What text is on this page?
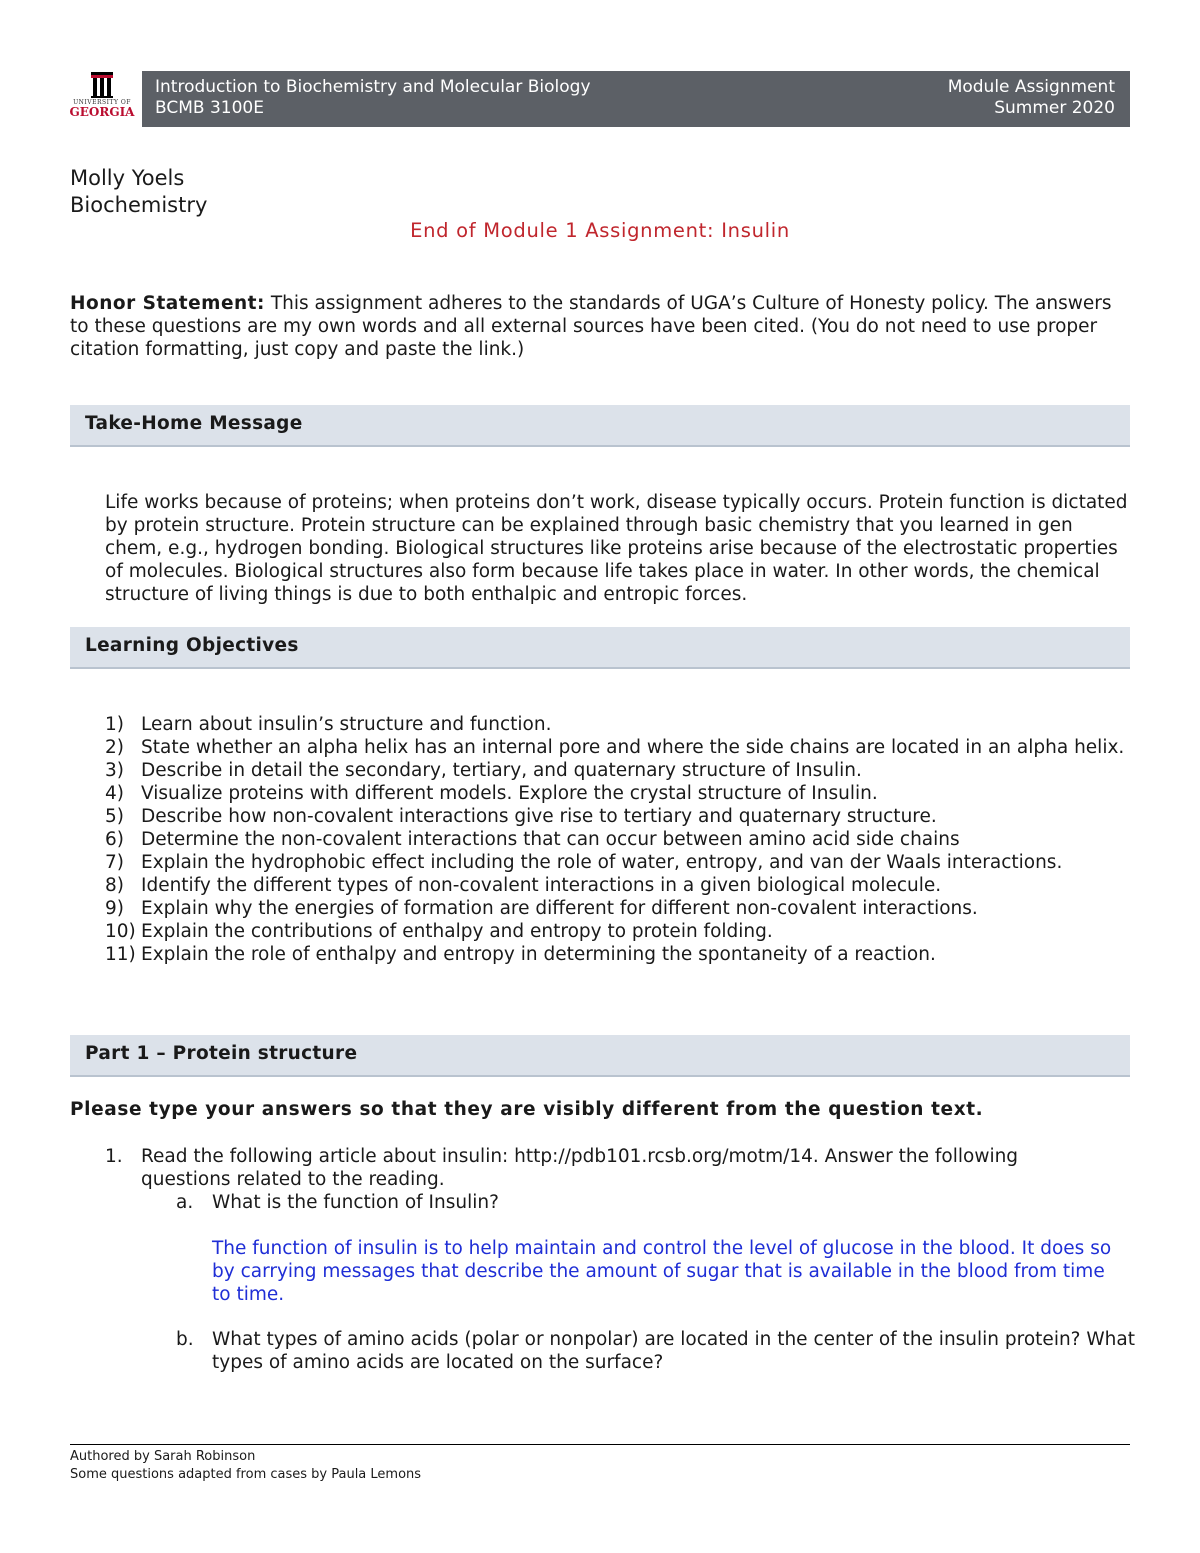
UNIVERSITY OF
GEORGIA
Introduction to Biochemistry and Molecular Biology
BCMB 3100E
Module Assignment
Summer 2020
Molly Yoels
Biochemistry
End of Module 1 Assignment: Insulin
Honor Statement: This assignment adheres to the standards of UGA’s Culture of Honesty policy. The answers to these questions are my own words and all external sources have been cited. (You do not need to use proper citation formatting, just copy and paste the link.)
Take-Home Message
Life works because of proteins; when proteins don’t work, disease typically occurs. Protein function is dictated by protein structure. Protein structure can be explained through basic chemistry that you learned in gen chem, e.g., hydrogen bonding. Biological structures like proteins arise because of the electrostatic properties of molecules. Biological structures also form because life takes place in water. In other words, the chemical structure of living things is due to both enthalpic and entropic forces.
Learning Objectives
1) Learn about insulin’s structure and function.
2) State whether an alpha helix has an internal pore and where the side chains are located in an alpha helix.
3) Describe in detail the secondary, tertiary, and quaternary structure of Insulin.
4) Visualize proteins with different models. Explore the crystal structure of Insulin.
5) Describe how non-covalent interactions give rise to tertiary and quaternary structure.
6) Determine the non-covalent interactions that can occur between amino acid side chains
7) Explain the hydrophobic effect including the role of water, entropy, and van der Waals interactions.
8) Identify the different types of non-covalent interactions in a given biological molecule.
9) Explain why the energies of formation are different for different non-covalent interactions.
10) Explain the contributions of enthalpy and entropy to protein folding.
11) Explain the role of enthalpy and entropy in determining the spontaneity of a reaction.
Part 1 – Protein structure
Please type your answers so that they are visibly different from the question text.
1. Read the following article about insulin: http://pdb101.rcsb.org/motm/14. Answer the following questions related to the reading.
a. What is the function of Insulin?
The function of insulin is to help maintain and control the level of glucose in the blood. It does so by carrying messages that describe the amount of sugar that is available in the blood from time to time.
b. What types of amino acids (polar or nonpolar) are located in the center of the insulin protein? What types of amino acids are located on the surface?
Authored by Sarah Robinson
Some questions adapted from cases by Paula Lemons
